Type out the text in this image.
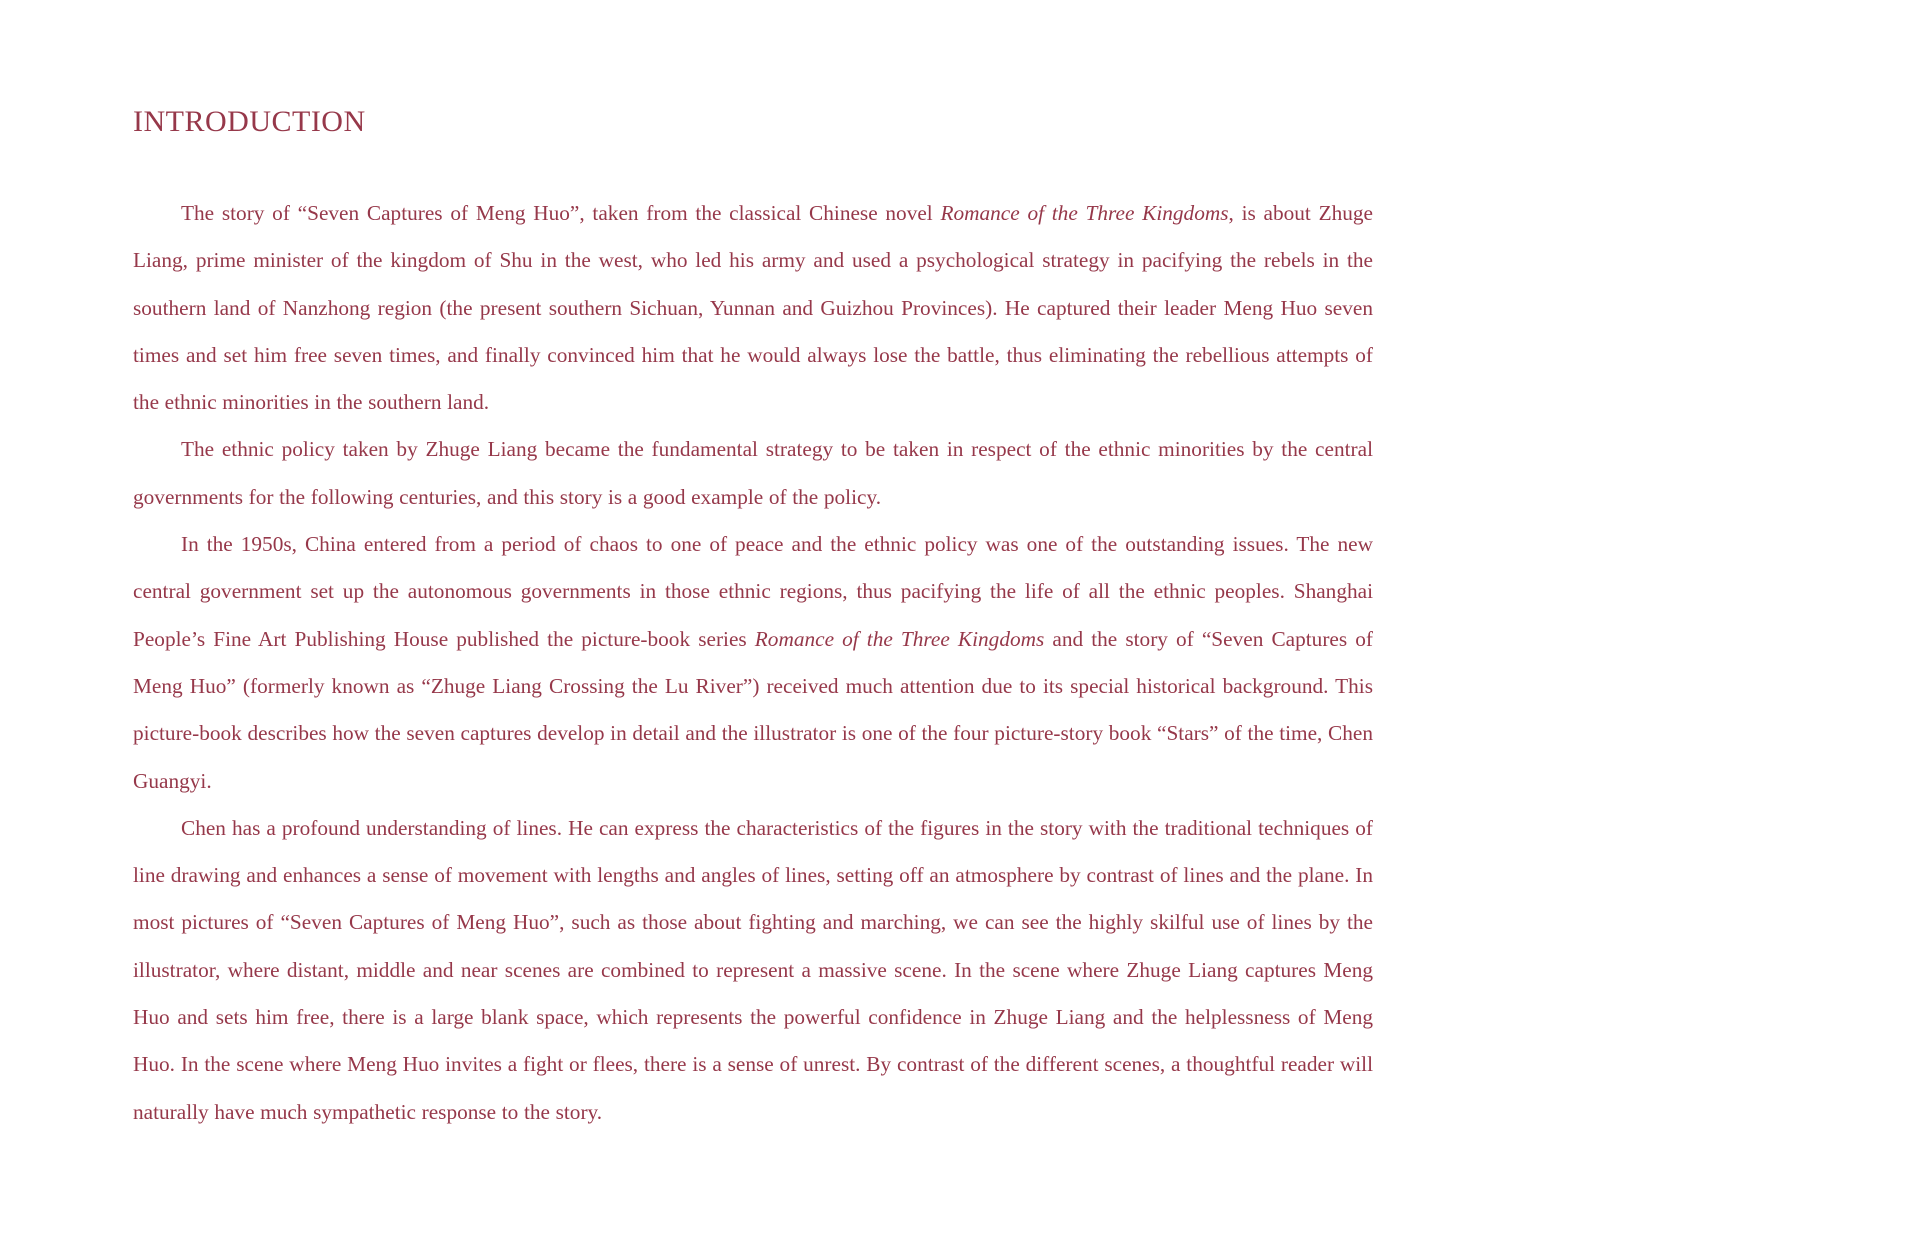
INTRODUCTION

The story of “Seven Captures of Meng Huo”, taken from the classical Chinese novel Romance of the Three Kingdoms, is about Zhuge Liang, prime minister of the kingdom of Shu in the west, who led his army and used a psychological strategy in pacifying the rebels in the southern land of Nanzhong region (the present southern Sichuan, Yunnan and Guizhou Provinces). He captured their leader Meng Huo seven times and set him free seven times, and finally convinced him that he would always lose the battle, thus eliminating the rebellious attempts of the ethnic minorities in the southern land.

The ethnic policy taken by Zhuge Liang became the fundamental strategy to be taken in respect of the ethnic minorities by the central governments for the following centuries, and this story is a good example of the policy.

In the 1950s, China entered from a period of chaos to one of peace and the ethnic policy was one of the outstanding issues. The new central government set up the autonomous governments in those ethnic regions, thus pacifying the life of all the ethnic peoples. Shanghai People’s Fine Art Publishing House published the picture-book series Romance of the Three Kingdoms and the story of “Seven Captures of Meng Huo” (formerly known as “Zhuge Liang Crossing the Lu River”) received much attention due to its special historical background. This picture-book describes how the seven captures develop in detail and the illustrator is one of the four picture-story book “Stars” of the time, Chen Guangyi.

Chen has a profound understanding of lines. He can express the characteristics of the figures in the story with the traditional techniques of line drawing and enhances a sense of movement with lengths and angles of lines, setting off an atmosphere by contrast of lines and the plane. In most pictures of “Seven Captures of Meng Huo”, such as those about fighting and marching, we can see the highly skilful use of lines by the illustrator, where distant, middle and near scenes are combined to represent a massive scene. In the scene where Zhuge Liang captures Meng Huo and sets him free, there is a large blank space, which represents the powerful confidence in Zhuge Liang and the helplessness of Meng Huo. In the scene where Meng Huo invites a fight or flees, there is a sense of unrest. By contrast of the different scenes, a thoughtful reader will naturally have much sympathetic response to the story.
